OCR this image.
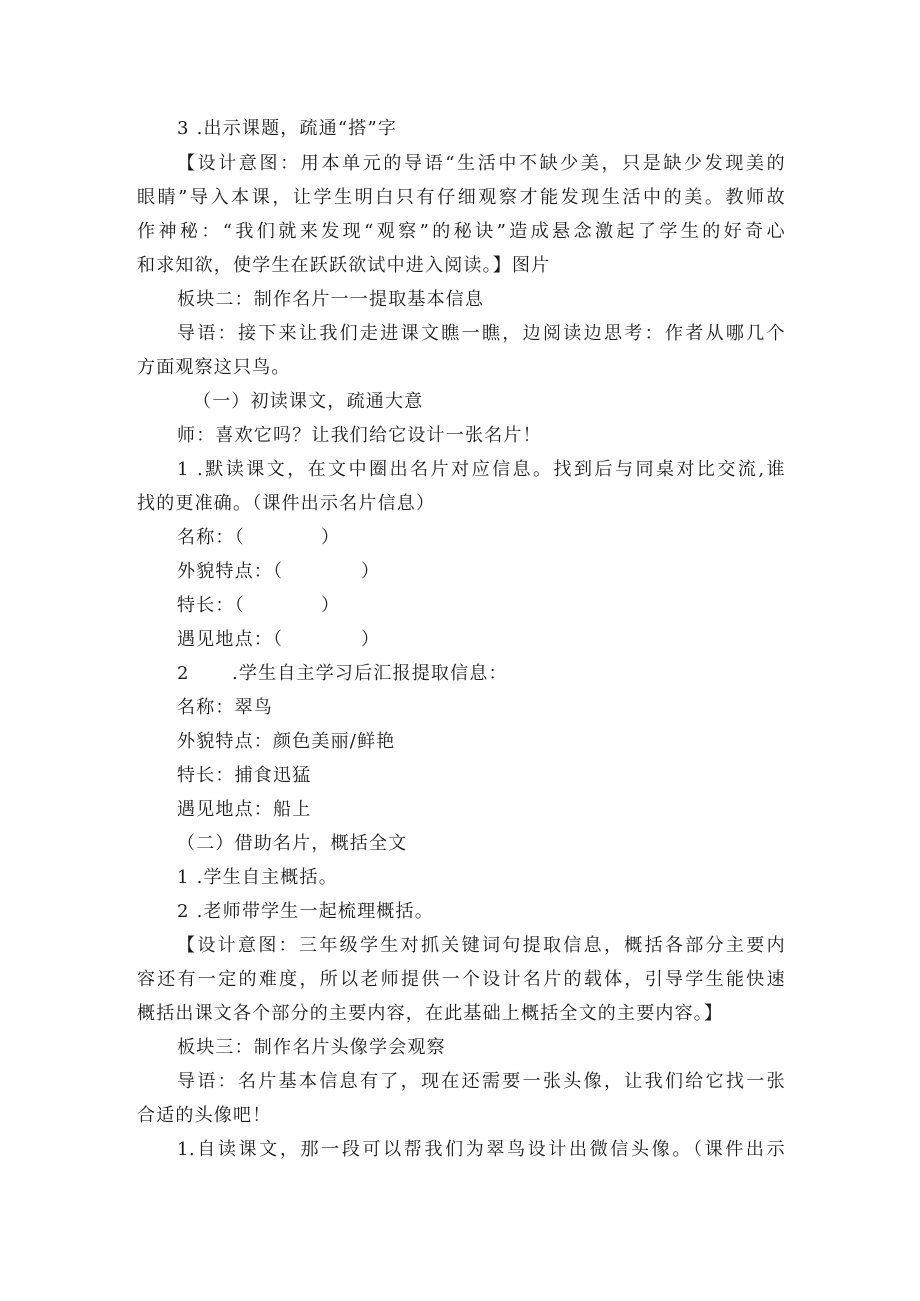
3 .出示课题，疏通“搭”字
【设计意图：用本单元的导语“生活中不缺少美，只是缺少发现美的
眼睛”导入本课，让学生明白只有仔细观察才能发现生活中的美。教师故
作神秘：“我们就来发现“观察”的秘诀”造成悬念激起了学生的好奇心
和求知欲，使学生在跃跃欲试中进入阅读。】图片
板块二：制作名片一一提取基本信息
导语：接下来让我们走进课文瞧一瞧，边阅读边思考：作者从哪几个
方面观察这只鸟。
（一）初读课文，疏通大意
师：喜欢它吗？让我们给它设计一张名片！
1 .默读课文，在文中圈出名片对应信息。找到后与同桌对比交流,谁
找的更准确。（课件出示名片信息）
名称：（	）
外貌特点：（	）
特长：（	）
遇见地点：（	）
2 .学生自主学习后汇报提取信息：
名称：翠鸟
外貌特点：颜色美丽/鲜艳
特长：捕食迅猛
遇见地点：船上
（二）借助名片，概括全文
1 .学生自主概括。
2 .老师带学生一起梳理概括。
【设计意图：三年级学生对抓关键词句提取信息，概括各部分主要内
容还有一定的难度，所以老师提供一个设计名片的载体，引导学生能快速
概括出课文各个部分的主要内容，在此基础上概括全文的主要内容。】
板块三：制作名片头像学会观察
导语：名片基本信息有了，现在还需要一张头像，让我们给它找一张
合适的头像吧！
1.自读课文，那一段可以帮我们为翠鸟设计出微信头像。（课件出示
